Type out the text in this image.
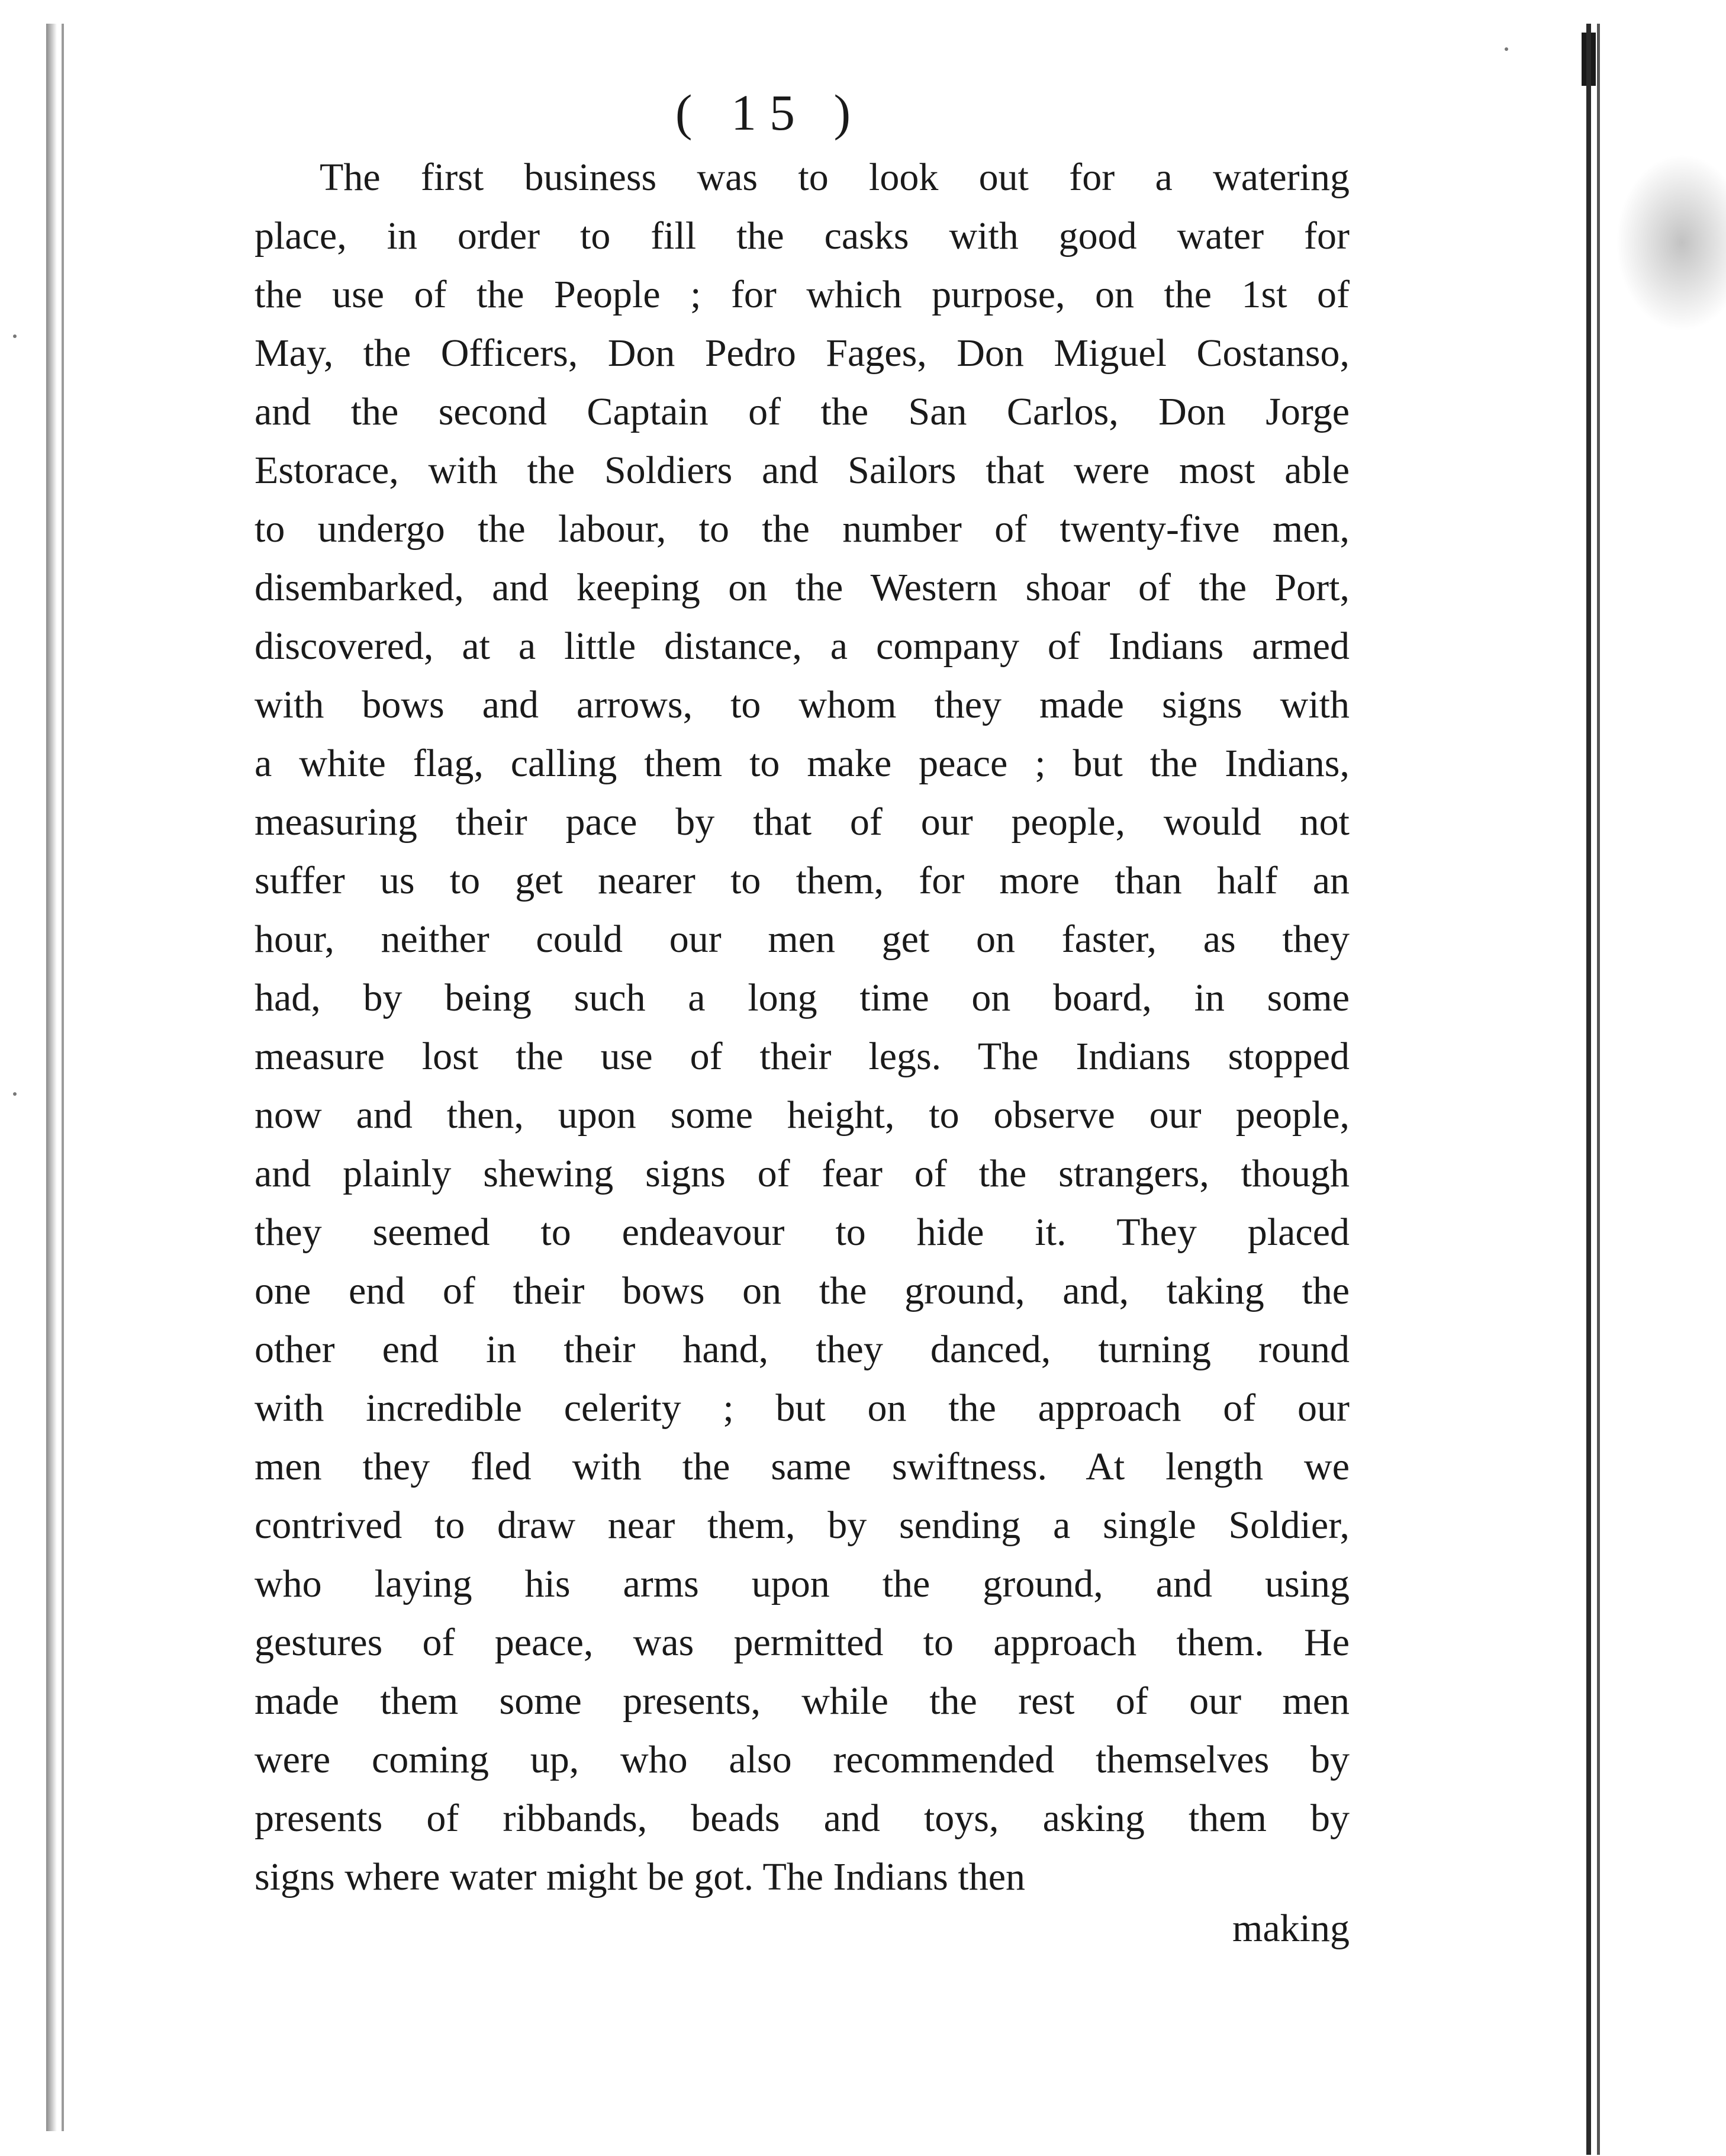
( 15 )
The first business was to look out for a watering
place, in order to fill the casks with good water for
the use of the People ; for which purpose, on the 1st of
May, the Officers, Don Pedro Fages, Don Miguel Costanso,
and the second Captain of the San Carlos, Don Jorge
Estorace, with the Soldiers and Sailors that were most able
to undergo the labour, to the number of twenty-five men,
disembarked, and keeping on the Western shoar of the Port,
discovered, at a little distance, a company of Indians armed
with bows and arrows, to whom they made signs with
a white flag, calling them to make peace ; but the Indians,
measuring their pace by that of our people, would not
suffer us to get nearer to them, for more than half an
hour, neither could our men get on faster, as they
had, by being such a long time on board, in some
measure lost the use of their legs. The Indians stopped
now and then, upon some height, to observe our people,
and plainly shewing signs of fear of the strangers, though
they seemed to endeavour to hide it. They placed
one end of their bows on the ground, and, taking the
other end in their hand, they danced, turning round
with incredible celerity ; but on the approach of our
men they fled with the same swiftness. At length we
contrived to draw near them, by sending a single Soldier,
who laying his arms upon the ground, and using
gestures of peace, was permitted to approach them. He
made them some presents, while the rest of our men
were coming up, who also recommended themselves by
presents of ribbands, beads and toys, asking them by
signs where water might be got. The Indians then
making
